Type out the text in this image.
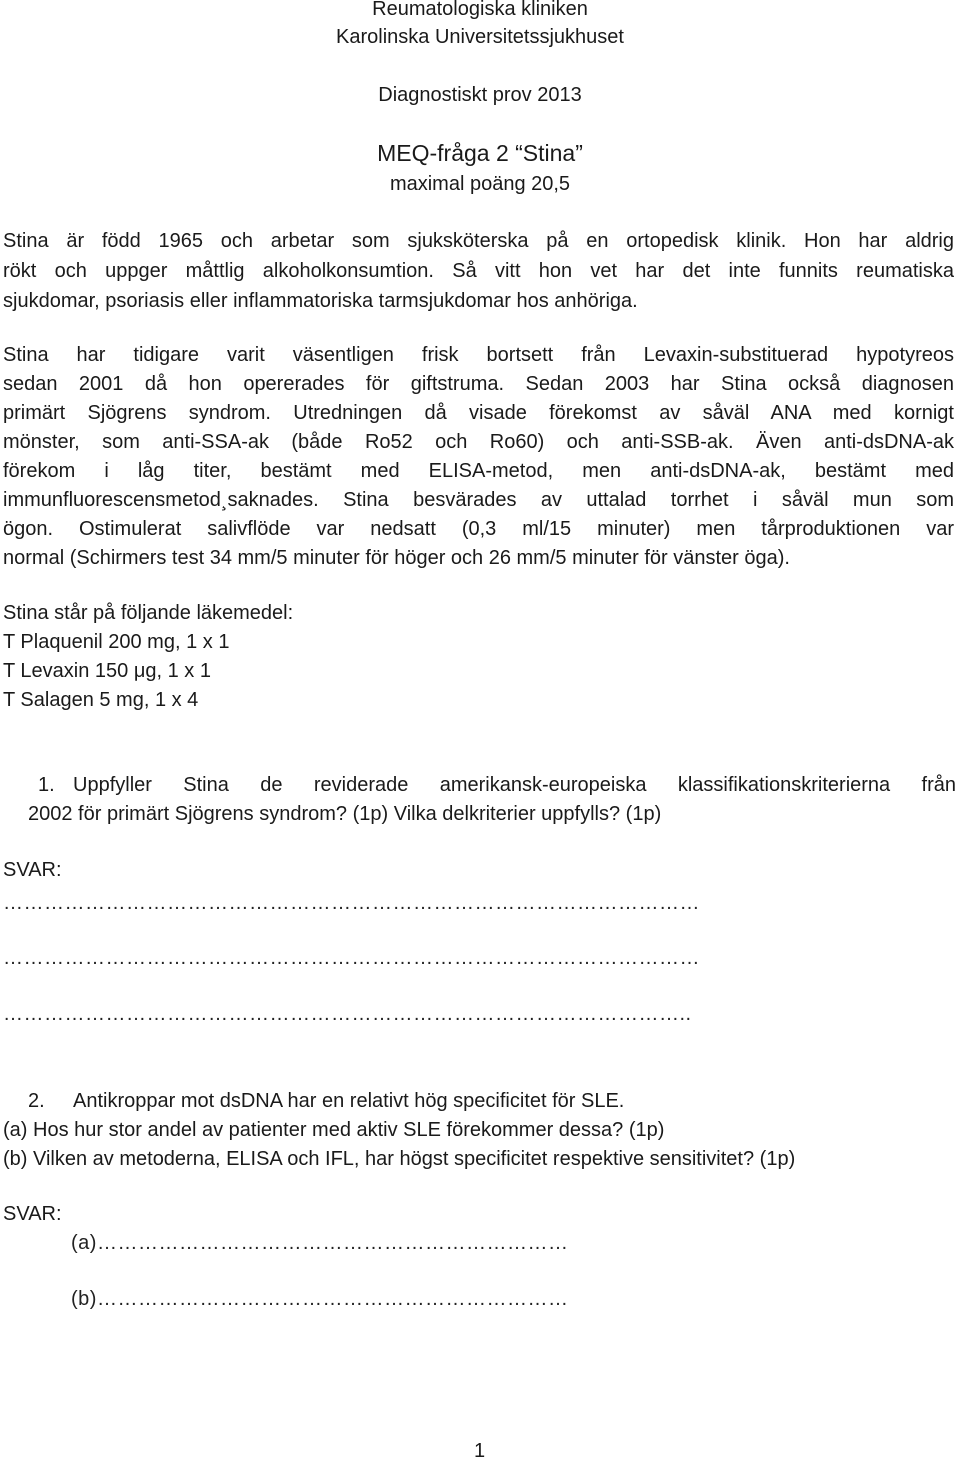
Reumatologiska kliniken
Karolinska Universitetssjukhuset
Diagnostiskt prov 2013
MEQ-fråga 2 “Stina”
maximal poäng 20,5
Stina är född 1965 och arbetar som sjuksköterska på en ortopedisk klinik. Hon har aldrig
rökt och uppger måttlig alkoholkonsumtion. Så vitt hon vet har det inte funnits reumatiska
sjukdomar, psoriasis eller inflammatoriska tarmsjukdomar hos anhöriga.
Stina har tidigare varit väsentligen frisk bortsett från Levaxin-substituerad hypotyreos
sedan 2001 då hon opererades för giftstruma. Sedan 2003 har Stina också diagnosen
primärt Sjögrens syndrom. Utredningen då visade förekomst av såväl ANA med kornigt
mönster, som anti-SSA-ak (både Ro52 och Ro60) och anti-SSB-ak. Även anti-dsDNA-ak
förekom i låg titer, bestämt med ELISA-metod, men anti-dsDNA-ak, bestämt med
immunfluorescensmetod¸saknades. Stina besvärades av uttalad torrhet i såväl mun som
ögon. Ostimulerat salivflöde var nedsatt (0,3 ml/15 minuter) men tårproduktionen var
normal (Schirmers test 34 mm/5 minuter för höger och 26 mm/5 minuter för vänster öga).
Stina står på följande läkemedel:
T Plaquenil 200 mg, 1 x 1
T Levaxin 150 μg, 1 x 1
T Salagen 5 mg, 1 x 4
1. Uppfyller Stina de reviderade amerikansk-europeiska klassifikationskriterierna från
2002 för primärt Sjögrens syndrom? (1p) Vilka delkriterier uppfylls? (1p)
SVAR:
…………………………………………………………………………………………
…………………………………………………………………………………………
………………………………………………………………………………………..
2. Antikroppar mot dsDNA har en relativt hög specificitet för SLE.
(a) Hos hur stor andel av patienter med aktiv SLE förekommer dessa? (1p)
(b) Vilken av metoderna, ELISA och IFL, har högst specificitet respektive sensitivitet? (1p)
SVAR:
(a)……………………………………………………………
(b)……………………………………………………………
1
